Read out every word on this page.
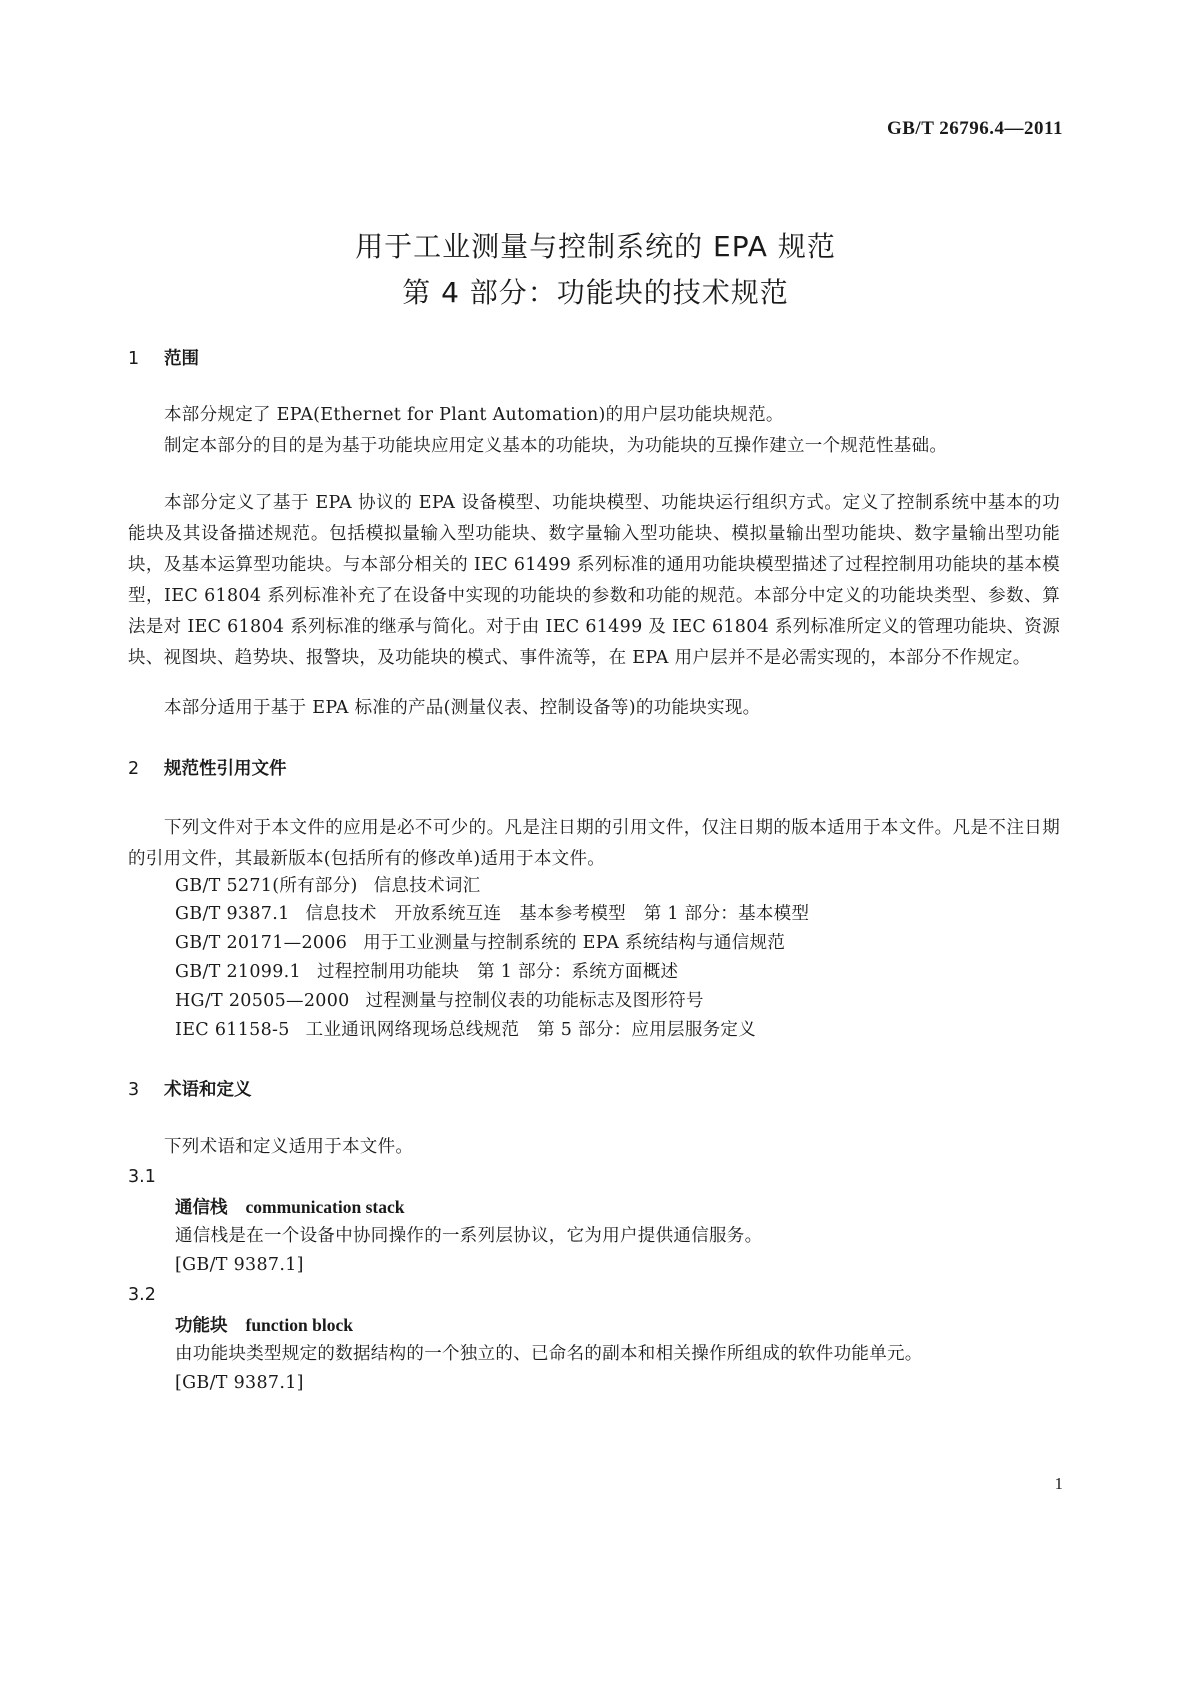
GB/T 26796.4—2011
用于工业测量与控制系统的 EPA 规范
第 4 部分：功能块的技术规范
1 范围
本部分规定了 EPA(Ethernet for Plant Automation)的用户层功能块规范。
制定本部分的目的是为基于功能块应用定义基本的功能块，为功能块的互操作建立一个规范性基础。
本部分定义了基于 EPA 协议的 EPA 设备模型、功能块模型、功能块运行组织方式。定义了控制系统中基本的功能块及其设备描述规范。包括模拟量输入型功能块、数字量输入型功能块、模拟量输出型功能块、数字量输出型功能块，及基本运算型功能块。与本部分相关的 IEC 61499 系列标准的通用功能块模型描述了过程控制用功能块的基本模型，IEC 61804 系列标准补充了在设备中实现的功能块的参数和功能的规范。本部分中定义的功能块类型、参数、算法是对 IEC 61804 系列标准的继承与简化。对于由 IEC 61499 及 IEC 61804 系列标准所定义的管理功能块、资源块、视图块、趋势块、报警块，及功能块的模式、事件流等，在 EPA 用户层并不是必需实现的，本部分不作规定。
本部分适用于基于 EPA 标准的产品(测量仪表、控制设备等)的功能块实现。
2 规范性引用文件
下列文件对于本文件的应用是必不可少的。凡是注日期的引用文件，仅注日期的版本适用于本文件。凡是不注日期的引用文件，其最新版本(包括所有的修改单)适用于本文件。
GB/T 5271(所有部分) 信息技术词汇
GB/T 9387.1 信息技术　开放系统互连　基本参考模型　第 1 部分：基本模型
GB/T 20171—2006 用于工业测量与控制系统的 EPA 系统结构与通信规范
GB/T 21099.1 过程控制用功能块　第 1 部分：系统方面概述
HG/T 20505—2000 过程测量与控制仪表的功能标志及图形符号
IEC 61158-5 工业通讯网络现场总线规范　第 5 部分：应用层服务定义
3 术语和定义
下列术语和定义适用于本文件。
3.1
通信栈 communication stack
通信栈是在一个设备中协同操作的一系列层协议，它为用户提供通信服务。
[GB/T 9387.1]
3.2
功能块 function block
由功能块类型规定的数据结构的一个独立的、已命名的副本和相关操作所组成的软件功能单元。
[GB/T 9387.1]
1
